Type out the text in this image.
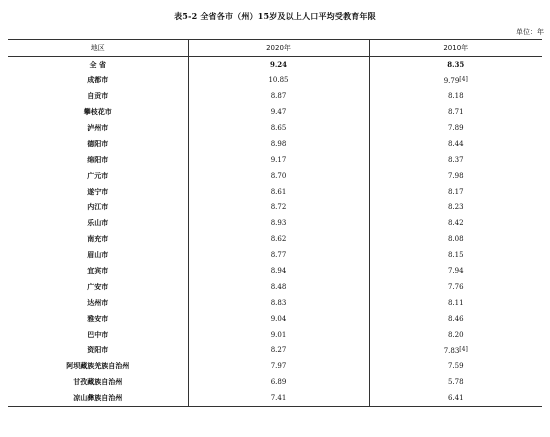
表5-2 全省各市（州）15岁及以上人口平均受教育年限
单位：年
地区	2020年	2010年
全 省	9.24	8.35
成都市	10.85	9.79[4]
自贡市	8.87	8.18
攀枝花市	9.47	8.71
泸州市	8.65	7.89
德阳市	8.98	8.44
绵阳市	9.17	8.37
广元市	8.70	7.98
遂宁市	8.61	8.17
内江市	8.72	8.23
乐山市	8.93	8.42
南充市	8.62	8.08
眉山市	8.77	8.15
宜宾市	8.94	7.94
广安市	8.48	7.76
达州市	8.83	8.11
雅安市	9.04	8.46
巴中市	9.01	8.20
资阳市	8.27	7.83[4]
阿坝藏族羌族自治州	7.97	7.59
甘孜藏族自治州	6.89	5.78
凉山彝族自治州	7.41	6.41
